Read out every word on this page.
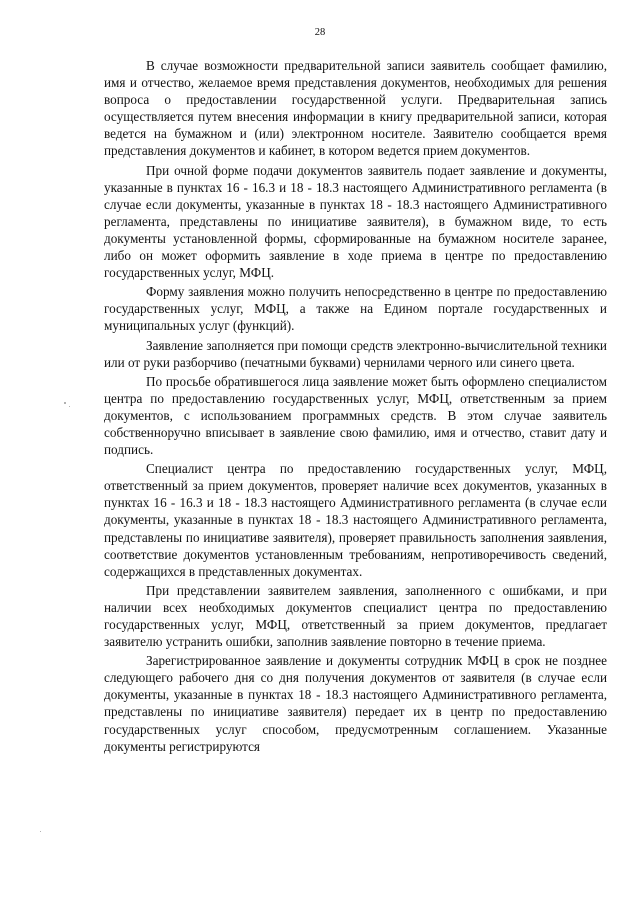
28

В случае возможности предварительной записи заявитель сообщает фамилию, имя и отчество, желаемое время представления документов, необходимых для решения вопроса о предоставлении государственной услуги. Предварительная запись осуществляется путем внесения информации в книгу предварительной записи, которая ведется на бумажном и (или) электронном носителе. Заявителю сообщается время представления документов и кабинет, в котором ведется прием документов.

При очной форме подачи документов заявитель подает заявление и документы, указанные в пунктах 16 - 16.3 и 18 - 18.3 настоящего Административного регламента (в случае если документы, указанные в пунктах 18 - 18.3 настоящего Административного регламента, представлены по инициативе заявителя), в бумажном виде, то есть документы установленной формы, сформированные на бумажном носителе заранее, либо он может оформить заявление в ходе приема в центре по предоставлению государственных услуг, МФЦ.

Форму заявления можно получить непосредственно в центре по предоставлению государственных услуг, МФЦ, а также на Едином портале государственных и муниципальных услуг (функций).

Заявление заполняется при помощи средств электронно-вычислительной техники или от руки разборчиво (печатными буквами) чернилами черного или синего цвета.

По просьбе обратившегося лица заявление может быть оформлено специалистом центра по предоставлению государственных услуг, МФЦ, ответственным за прием документов, с использованием программных средств. В этом случае заявитель собственноручно вписывает в заявление свою фамилию, имя и отчество, ставит дату и подпись.

Специалист центра по предоставлению государственных услуг, МФЦ, ответственный за прием документов, проверяет наличие всех документов, указанных в пунктах 16 - 16.3 и 18 - 18.3 настоящего Административного регламента (в случае если документы, указанные в пунктах 18 - 18.3 настоящего Административного регламента, представлены по инициативе заявителя), проверяет правильность заполнения заявления, соответствие документов установленным требованиям, непротиворечивость сведений, содержащихся в представленных документах.

При представлении заявителем заявления, заполненного с ошибками, и при наличии всех необходимых документов специалист центра по предоставлению государственных услуг, МФЦ, ответственный за прием документов, предлагает заявителю устранить ошибки, заполнив заявление повторно в течение приема.

Зарегистрированное заявление и документы сотрудник МФЦ в срок не позднее следующего рабочего дня со дня получения документов от заявителя (в случае если документы, указанные в пунктах 18 - 18.3 настоящего Административного регламента, представлены по инициативе заявителя) передает их в центр по предоставлению государственных услуг способом, предусмотренным соглашением. Указанные документы регистрируются
